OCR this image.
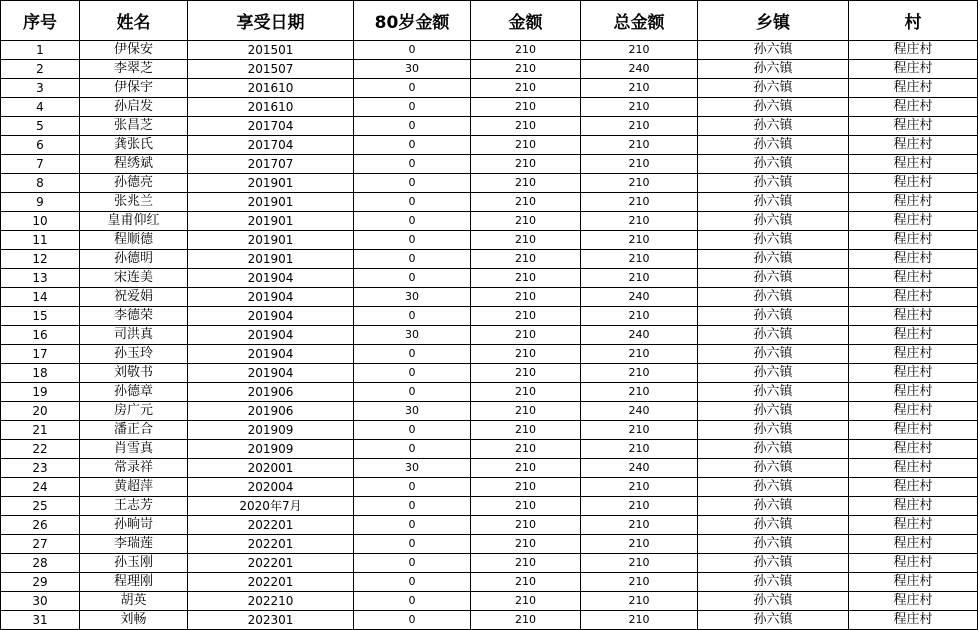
序号	姓名	享受日期	80岁金额	金额	总金额	乡镇	村
1	伊保安	201501	0	210	210	孙六镇	程庄村
2	李翠芝	201507	30	210	240	孙六镇	程庄村
3	伊保宇	201610	0	210	210	孙六镇	程庄村
4	孙启发	201610	0	210	210	孙六镇	程庄村
5	张昌芝	201704	0	210	210	孙六镇	程庄村
6	龚张氏	201704	0	210	210	孙六镇	程庄村
7	程绣斌	201707	0	210	210	孙六镇	程庄村
8	孙德亮	201901	0	210	210	孙六镇	程庄村
9	张兆兰	201901	0	210	210	孙六镇	程庄村
10	皇甫仰红	201901	0	210	210	孙六镇	程庄村
11	程顺德	201901	0	210	210	孙六镇	程庄村
12	孙德明	201901	0	210	210	孙六镇	程庄村
13	宋连美	201904	0	210	210	孙六镇	程庄村
14	祝爱娟	201904	30	210	240	孙六镇	程庄村
15	李德荣	201904	0	210	210	孙六镇	程庄村
16	司洪真	201904	30	210	240	孙六镇	程庄村
17	孙玉玲	201904	0	210	210	孙六镇	程庄村
18	刘敬书	201904	0	210	210	孙六镇	程庄村
19	孙德章	201906	0	210	210	孙六镇	程庄村
20	房广元	201906	30	210	240	孙六镇	程庄村
21	潘正合	201909	0	210	210	孙六镇	程庄村
22	肖雪真	201909	0	210	210	孙六镇	程庄村
23	常录祥	202001	30	210	240	孙六镇	程庄村
24	黄超萍	202004	0	210	210	孙六镇	程庄村
25	王志芳	2020年7月	0	210	210	孙六镇	程庄村
26	孙晌岢	202201	0	210	210	孙六镇	程庄村
27	李瑞莲	202201	0	210	210	孙六镇	程庄村
28	孙玉刚	202201	0	210	210	孙六镇	程庄村
29	程理刚	202201	0	210	210	孙六镇	程庄村
30	胡英	202210	0	210	210	孙六镇	程庄村
31	刘畅	202301	0	210	210	孙六镇	程庄村
